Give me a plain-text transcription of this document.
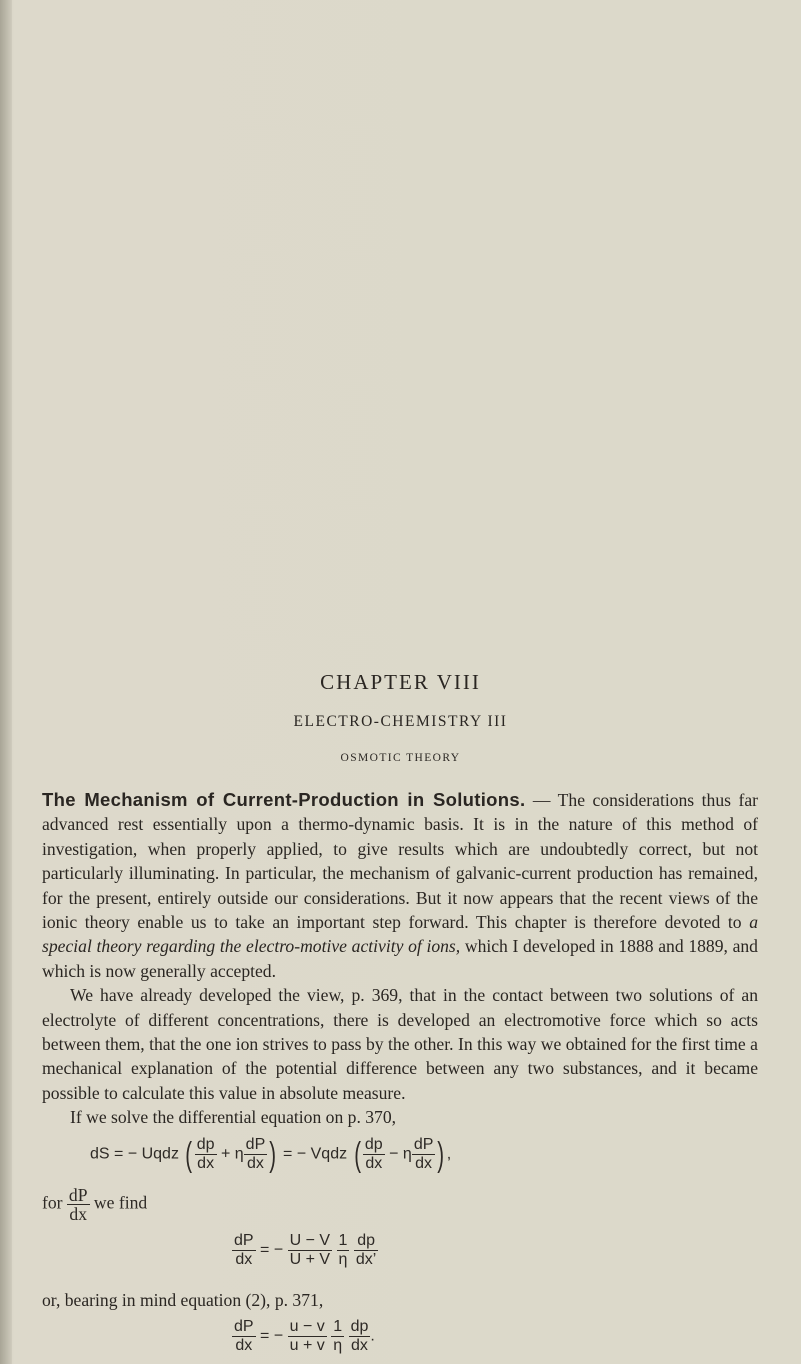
CHAPTER VIII
ELECTRO-CHEMISTRY III
OSMOTIC THEORY

The Mechanism of Current-Production in Solutions. — The considerations thus far advanced rest essentially upon a thermo-dynamic basis. It is in the nature of this method of investigation, when properly applied, to give results which are undoubtedly correct, but not particularly illuminating. In particular, the mechanism of galvanic-current production has remained, for the present, entirely outside our considerations. But it now appears that the recent views of the ionic theory enable us to take an important step forward. This chapter is therefore devoted to a special theory regarding the electro-motive activity of ions, which I developed in 1888 and 1889, and which is now generally accepted.

We have already developed the view, p. 369, that in the contact between two solutions of an electrolyte of different concentrations, there is developed an electromotive force which so acts between them, that the one ion strives to pass by the other. In this way we obtained for the first time a mechanical explanation of the potential difference between any two substances, and it became possible to calculate this value in absolute measure.

If we solve the differential equation on p. 370,

dS = − Uqdz ( $\frac{dp}{dx} + \eta \frac{dP}{dx}$ ) = − Vqdz ( $\frac{dp}{dx} - \eta \frac{dP}{dx}$ ) ,
for $\frac{dP}{dx}$ we find
$\frac{dP}{dx}$ = − $\frac{U - V}{U + V}$
$\frac{1}{\eta}$
$\frac{dp}{dx’}$
or, bearing in mind equation (2), p. 371,
$\frac{dP}{dx}$ = − $\frac{u - v}{u + v}$
$\frac{1}{\eta}$
$\frac{dp}{dx}$ .
